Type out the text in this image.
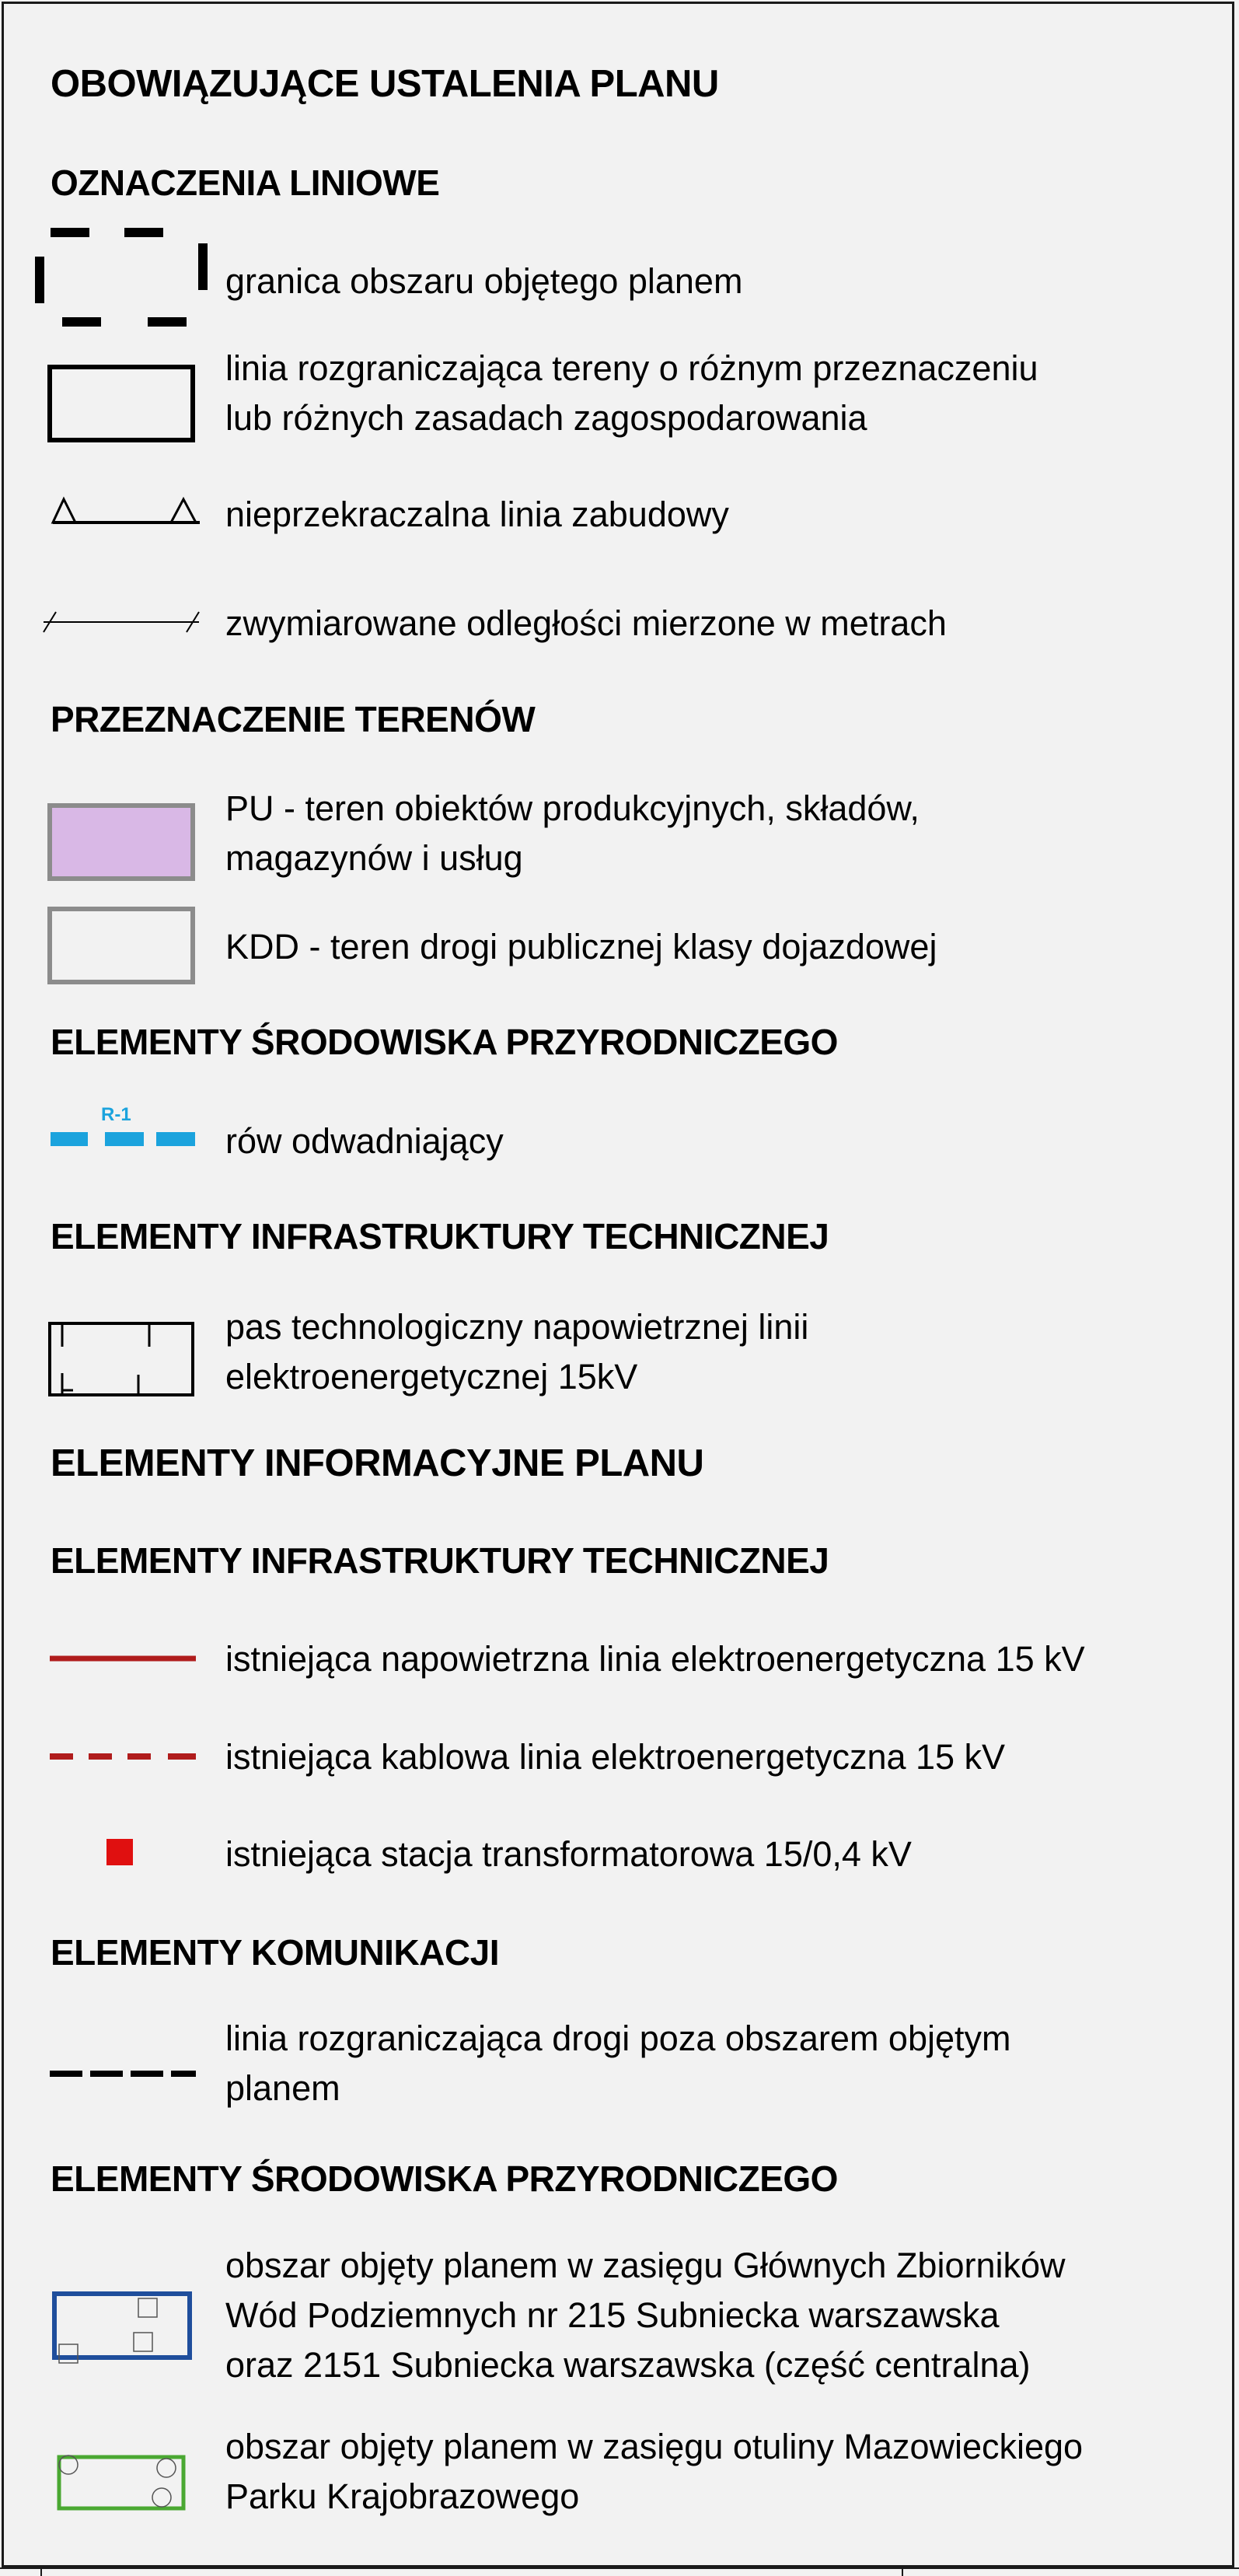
OBOWIĄZUJĄCE USTALENIA PLANU
OZNACZENIA LINIOWE
PRZEZNACZENIE TERENÓW
ELEMENTY ŚRODOWISKA PRZYRODNICZEGO
ELEMENTY INFRASTRUKTURY TECHNICZNEJ
ELEMENTY INFORMACYJNE PLANU
ELEMENTY INFRASTRUKTURY TECHNICZNEJ
ELEMENTY KOMUNIKACJI
ELEMENTY ŚRODOWISKA PRZYRODNICZEGO
R-1
granica obszaru objętego planem
linia rozgraniczająca tereny o różnym przeznaczeniu
lub różnych zasadach zagospodarowania
nieprzekraczalna linia zabudowy
zwymiarowane odległości mierzone w metrach
PU - teren obiektów produkcyjnych, składów,
magazynów i usług
KDD - teren drogi publicznej klasy dojazdowej
rów odwadniający
pas technologiczny napowietrznej linii
elektroenergetycznej 15kV
istniejąca napowietrzna linia elektroenergetyczna 15 kV
istniejąca kablowa linia elektroenergetyczna 15 kV
istniejąca stacja transformatorowa 15/0,4 kV
linia rozgraniczająca drogi poza obszarem objętym
planem
obszar objęty planem w zasięgu Głównych Zbiorników
Wód Podziemnych nr 215 Subniecka warszawska
oraz 2151 Subniecka warszawska (część centralna)
obszar objęty planem w zasięgu otuliny Mazowieckiego
Parku Krajobrazowego
